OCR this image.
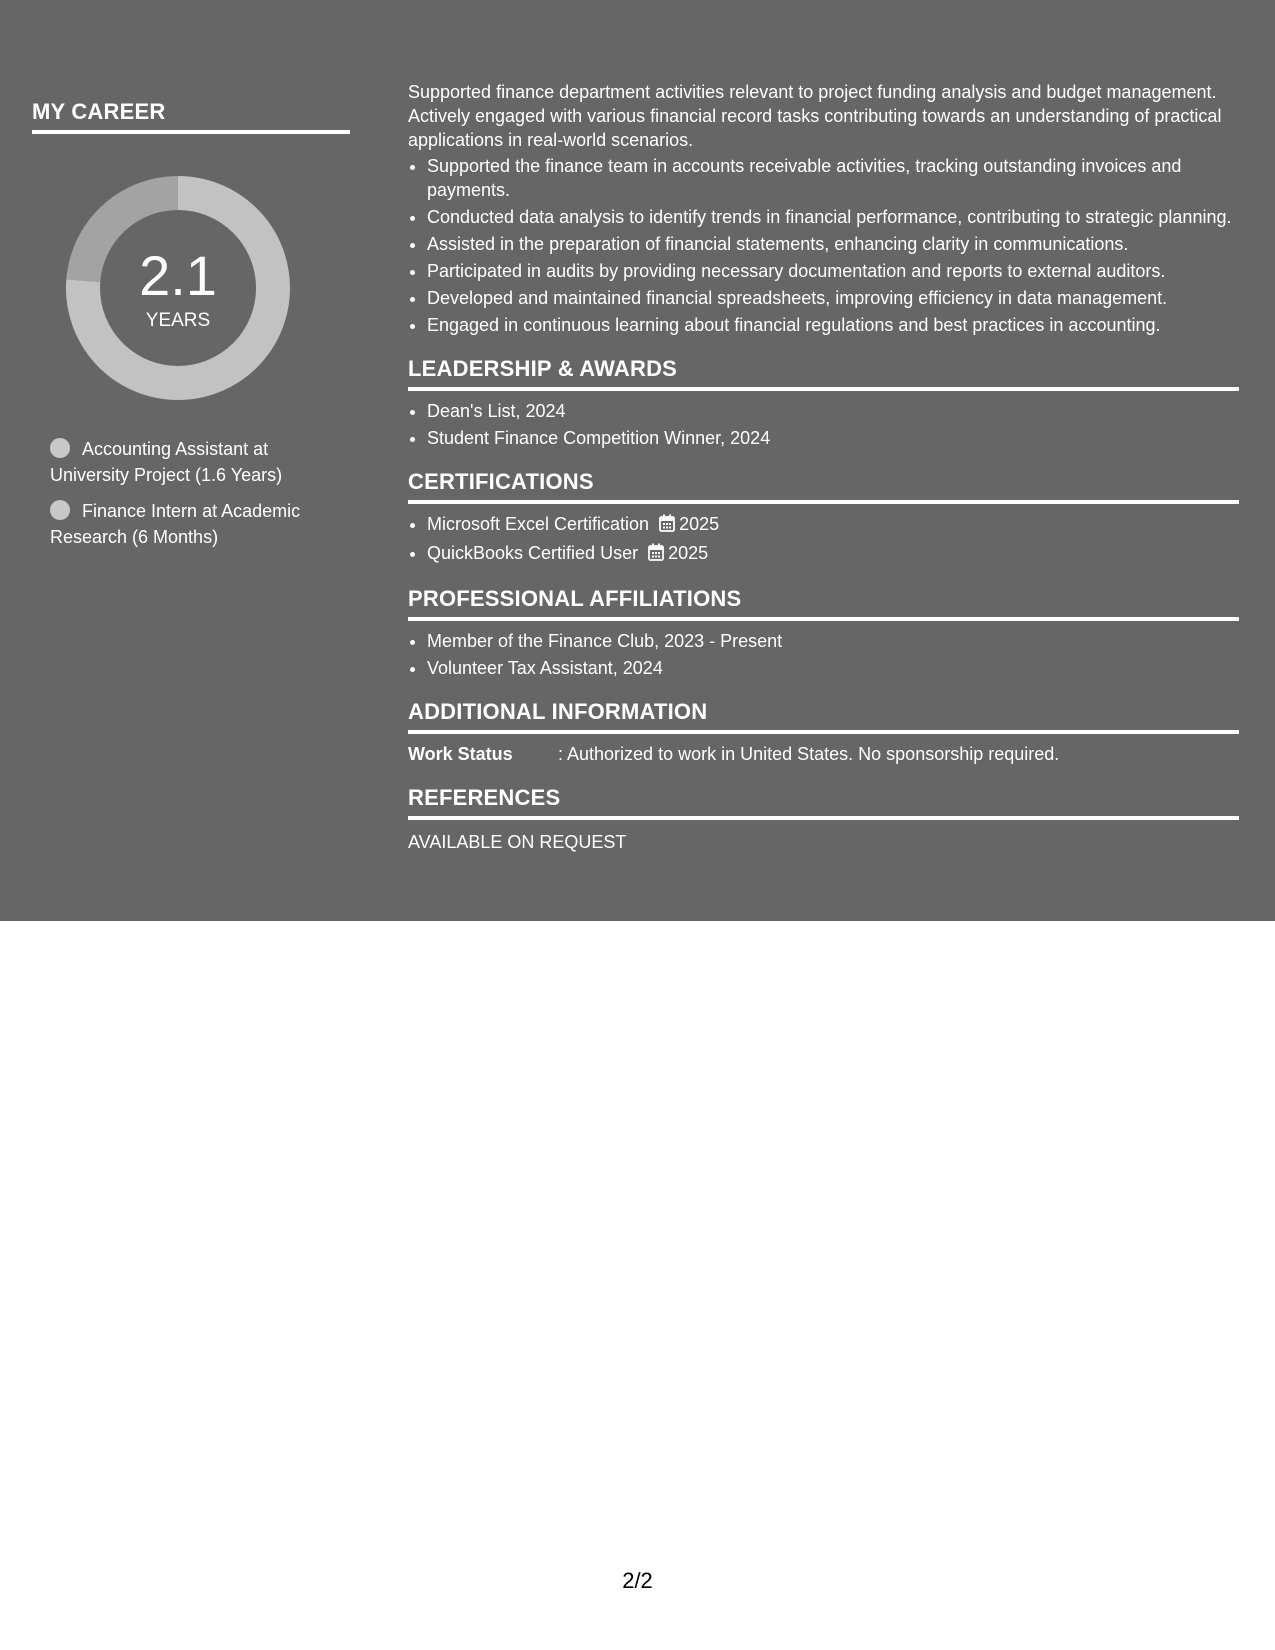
MY CAREER
2.1
YEARS
Accounting Assistant at University Project (1.6 Years)
Finance Intern at Academic Research (6 Months)

Supported finance department activities relevant to project funding analysis and budget management. Actively engaged with various financial record tasks contributing towards an understanding of practical applications in real-world scenarios.

• Supported the finance team in accounts receivable activities, tracking outstanding invoices and payments.
• Conducted data analysis to identify trends in financial performance, contributing to strategic planning.
• Assisted in the preparation of financial statements, enhancing clarity in communications.
• Participated in audits by providing necessary documentation and reports to external auditors.
• Developed and maintained financial spreadsheets, improving efficiency in data management.
• Engaged in continuous learning about financial regulations and best practices in accounting.
LEADERSHIP & AWARDS
• Dean's List, 2024
• Student Finance Competition Winner, 2024
CERTIFICATIONS
• Microsoft Excel Certification 2025
• QuickBooks Certified User 2025
PROFESSIONAL AFFILIATIONS
• Member of the Finance Club, 2023 - Present
• Volunteer Tax Assistant, 2024
ADDITIONAL INFORMATION
Work Status	: Authorized to work in United States. No sponsorship required.
REFERENCES
AVAILABLE ON REQUEST
2/2
